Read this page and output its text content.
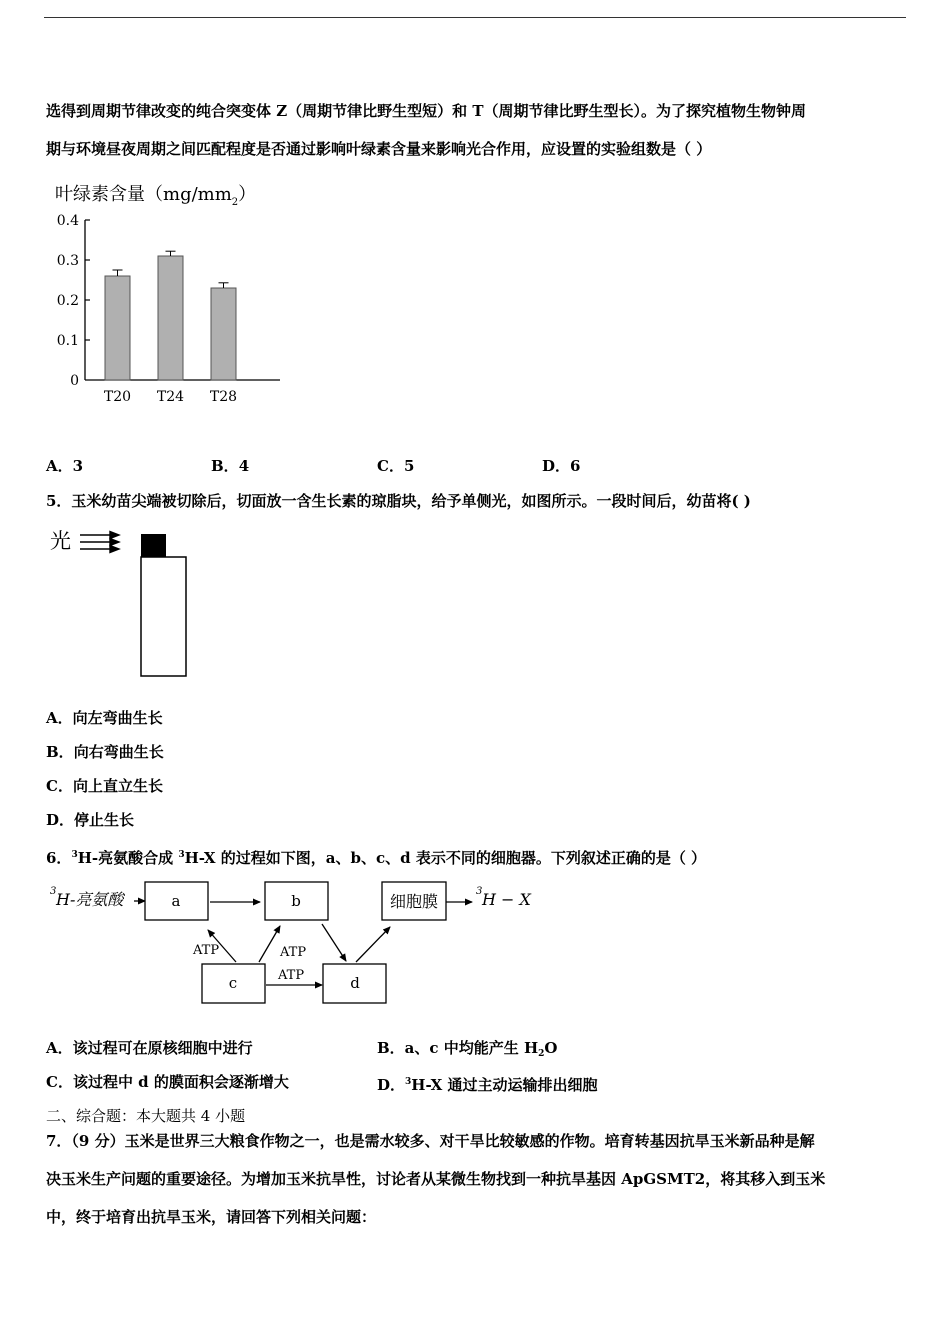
选得到周期节律改变的纯合突变体 Z（周期节律比野生型短）和 T（周期节律比野生型长）。为了探究植物生物钟周
期与环境昼夜周期之间匹配程度是否通过影响叶绿素含量来影响光合作用，应设置的实验组数是（ ）
叶绿素含量$(mg/mm_2)$
0
0.1
0.2
0.3
0.4
T20 T24 T28
A．3	B．4	C．5	D．6
5．玉米幼苗尖端被切除后，切面放一含生长素的琼脂块，给予单侧光，如图所示。一段时间后，幼苗将( )
光
A．向左弯曲生长
B．向右弯曲生长
C．向上直立生长
D．停止生长
6．$^3$H-亮氨酸合成 $^3$H-X 的过程如下图，a、b、c、d 表示不同的细胞器。下列叙述正确的是（ ）
3 H-亮氨酸	a	b	细胞膜
3 H − X
c	d
ATP	ATP
ATP
A．该过程可在原核细胞中进行	B．a、c 中均能产生 $H_2O$
C．该过程中 d 的膜面积会逐渐增大	D．$^3$H-X 通过主动运输排出细胞
二、综合题：本大题共 4 小题
7．（9 分）玉米是世界三大粮食作物之一，也是需水较多、对干旱比较敏感的作物。培育转基因抗旱玉米新品种是解
决玉米生产问题的重要途径。为增加玉米抗旱性，讨论者从某微生物找到一种抗旱基因 ApGSMT2，将其移入到玉米
中，终于培育出抗旱玉米，请回答下列相关问题：
